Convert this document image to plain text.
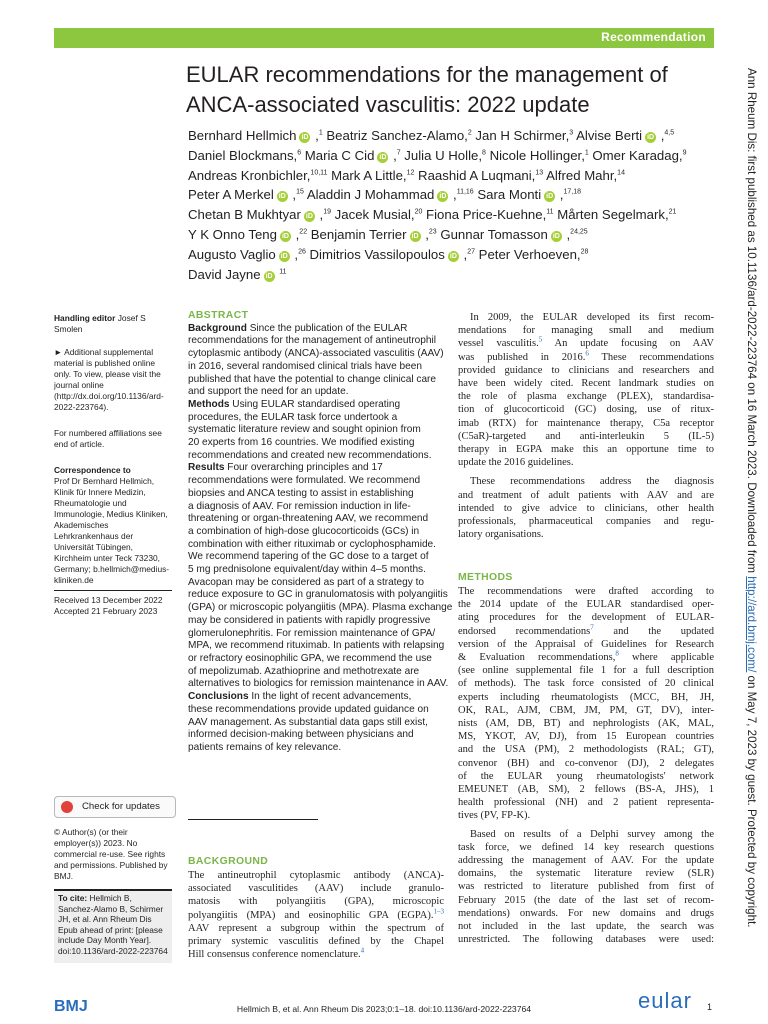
Recommendation
EULAR recommendations for the management of
ANCA-associated vasculitis: 2022 update
Bernhard HellmichiD ,$^1$ Beatriz Sanchez-Alamo,$^2$ Jan H Schirmer,$^3$ Alvise BertiiD ,$^{4,5}$
Daniel Blockmans,$^6$ Maria C CidiD ,$^7$ Julia U Holle,$^8$ Nicole Hollinger,$^1$ Omer Karadag,$^9$
Andreas Kronbichler,$^{10,11}$ Mark A Little,$^{12}$ Raashid A Luqmani,$^{13}$ Alfred Mahr,$^{14}$
Peter A MerkeliD ,$^{15}$ Aladdin J MohammadiD ,$^{11,16}$ Sara MontiiD ,$^{17,18}$
Chetan B MukhtyariD ,$^{19}$ Jacek Musial,$^{20}$ Fiona Price-Kuehne,$^{11}$ Mårten Segelmark,$^{21}$
Y K Onno TengiD ,$^{22}$ Benjamin TerrieriD ,$^{23}$ Gunnar TomassoniD ,$^{24,25}$
Augusto VaglioiD ,$^{26}$ Dimitrios VassilopoulosiD ,$^{27}$ Peter Verhoeven,$^{28}$
David JayneiD	$^{11}$	Ann Rheum Dis: first published as 10.1136/ard-2022-223764 on 16 March 2023. Downloaded from http://ard.bmj.com/ on May 7, 2023 by guest. Protected by copyright.
Handling editor Josef S Smolen
► Additional supplemental material is published online only. To view, please visit the journal online (http://dx.doi.org/10.1136/ard-2022-223764).
For numbered affiliations see end of article.

Correspondence to

Prof Dr Bernhard Hellmich, Klinik für Innere Medizin, Rheumatologie und Immunologie, Medius Kliniken, Akademisches Lehrkrankenhaus der Universität Tübingen, Kirchheim unter Teck 73230, Germany; b.hellmich@medius-kliniken.de

Received 13 December 2022
Accepted 21 February 2023
Check for updates
© Author(s) (or their employer(s)) 2023. No commercial re-use. See rights and permissions. Published by BMJ.
To cite: Hellmich B, Sanchez-Alamo B, Schirmer JH, et al. Ann Rheum Dis Epub ahead of print: [please include Day Month Year]. doi:10.1136/ard-2022-223764
ABSTRACT
Background Since the publication of the EULAR
recommendations for the management of antineutrophil
cytoplasmic antibody (ANCA)-associated vasculitis (AAV)
in 2016, several randomised clinical trials have been
published that have the potential to change clinical care
and support the need for an update.
Methods Using EULAR standardised operating
procedures, the EULAR task force undertook a
systematic literature review and sought opinion from
20 experts from 16 countries. We modified existing
recommendations and created new recommendations.
Results Four overarching principles and 17
recommendations were formulated. We recommend
biopsies and ANCA testing to assist in establishing
a diagnosis of AAV. For remission induction in life-
threatening or organ-threatening AAV, we recommend
a combination of high-dose glucocorticoids (GCs) in
combination with either rituximab or cyclophosphamide.
We recommend tapering of the GC dose to a target of
5 mg prednisolone equivalent/day within 4–5 months.
Avacopan may be considered as part of a strategy to
reduce exposure to GC in granulomatosis with polyangiitis
(GPA) or microscopic polyangiitis (MPA). Plasma exchange
may be considered in patients with rapidly progressive
glomerulonephritis. For remission maintenance of GPA/
MPA, we recommend rituximab. In patients with relapsing
or refractory eosinophilic GPA, we recommend the use
of mepolizumab. Azathioprine and methotrexate are
alternatives to biologics for remission maintenance in AAV.
Conclusions In the light of recent advancements,
these recommendations provide updated guidance on
AAV management. As substantial data gaps still exist,
informed decision-making between physicians and
patients remains of key relevance.
BACKGROUND
The antineutrophil cytoplasmic antibody (ANCA)-
associated vasculitides (AAV) include granulo-
matosis with polyangiitis (GPA), microscopic
polyangiitis (MPA) and eosinophilic GPA (EGPA).$^{1-3}$
AAV represent a subgroup within the spectrum of
primary systemic vasculitis defined by the Chapel
Hill consensus conference nomenclature.$^4$
In 2009, the EULAR developed its first recom-
mendations for managing small and medium
vessel vasculitis.$^5$ An update focusing on AAV
was published in 2016.$^6$ These recommendations
provided guidance to clinicians and researchers and
have been widely cited. Recent landmark studies on
the role of plasma exchange (PLEX), standardisa-
tion of glucocorticoid (GC) dosing, use of ritux-
imab (RTX) for maintenance therapy, C5a receptor
(C5aR)-targeted and anti-interleukin 5 (IL-5)
therapy in EGPA make this an opportune time to
update the 2016 guidelines.
These recommendations address the diagnosis
and treatment of adult patients with AAV and are
intended to give advice to clinicians, other health
professionals, pharmaceutical companies and regu-
latory organisations.
METHODS
The recommendations were drafted according to
the 2014 update of the EULAR standardised oper-
ating procedures for the development of EULAR-
endorsed recommendations$^7$ and the updated
version of the Appraisal of Guidelines for Research
& Evaluation recommendations,$^8$ where applicable
(see online supplemental file 1 for a full description
of methods). The task force consisted of 20 clinical
experts including rheumatologists (MCC, BH, JH,
OK, RAL, AJM, CBM, JM, PM, GT, DV), inter-
nists (AM, DB, BT) and nephrologists (AK, MAL,
MS, YKOT, AV, DJ), from 15 European countries
and the USA (PM), 2 methodologists (RAL; GT),
convenor (BH) and co-convenor (DJ), 2 delegates
of the EULAR young rheumatologists' network
EMEUNET (AB, SM), 2 fellows (BS-A, JHS), 1
health professional (NH) and 2 patient representa-
tives (PV, FP-K).
Based on results of a Delphi survey among the
task force, we defined 14 key research questions
addressing the management of AAV. For the update
domains, the systematic literature review (SLR)
was restricted to literature published from first of
February 2015 (the date of the last set of recom-
mendations) onwards. For new domains and drugs
not included in the last update, the search was
unrestricted. The following databases were used:
BMJ	Hellmich B, et al. Ann Rheum Dis 2023;0:1–18. doi:10.1136/ard-2022-223764	eular 1
